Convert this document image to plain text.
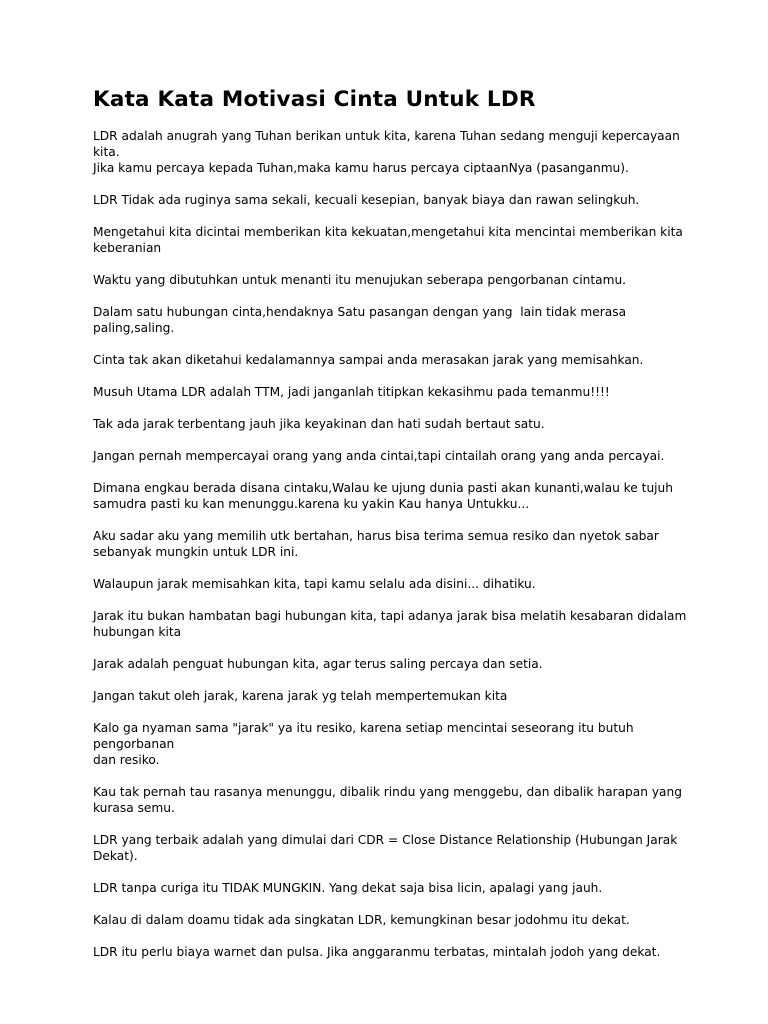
Kata Kata Motivasi Cinta Untuk LDR

LDR adalah anugrah yang Tuhan berikan untuk kita, karena Tuhan sedang menguji kepercayaan kita.
Jika kamu percaya kepada Tuhan,maka kamu harus percaya ciptaanNya (pasanganmu).

LDR Tidak ada ruginya sama sekali, kecuali kesepian, banyak biaya dan rawan selingkuh.

Mengetahui kita dicintai memberikan kita kekuatan,mengetahui kita mencintai memberikan kita
keberanian

Waktu yang dibutuhkan untuk menanti itu menujukan seberapa pengorbanan cintamu.

Dalam satu hubungan cinta,hendaknya Satu pasangan dengan yang  lain tidak merasa paling,saling.

Cinta tak akan diketahui kedalamannya sampai anda merasakan jarak yang memisahkan.

Musuh Utama LDR adalah TTM, jadi janganlah titipkan kekasihmu pada temanmu!!!!

Tak ada jarak terbentang jauh jika keyakinan dan hati sudah bertaut satu.

Jangan pernah mempercayai orang yang anda cintai,tapi cintailah orang yang anda percayai.

Dimana engkau berada disana cintaku,Walau ke ujung dunia pasti akan kunanti,walau ke tujuh
samudra pasti ku kan menunggu.karena ku yakin Kau hanya Untukku...

Aku sadar aku yang memilih utk bertahan, harus bisa terima semua resiko dan nyetok sabar
sebanyak mungkin untuk LDR ini.

Walaupun jarak memisahkan kita, tapi kamu selalu ada disini... dihatiku.

Jarak itu bukan hambatan bagi hubungan kita, tapi adanya jarak bisa melatih kesabaran didalam
hubungan kita

Jarak adalah penguat hubungan kita, agar terus saling percaya dan setia.

Jangan takut oleh jarak, karena jarak yg telah mempertemukan kita

Kalo ga nyaman sama "jarak" ya itu resiko, karena setiap mencintai seseorang itu butuh pengorbanan
dan resiko.

Kau tak pernah tau rasanya menunggu, dibalik rindu yang menggebu, dan dibalik harapan yang
kurasa semu.

LDR yang terbaik adalah yang dimulai dari CDR = Close Distance Relationship (Hubungan Jarak
Dekat).

LDR tanpa curiga itu TIDAK MUNGKIN. Yang dekat saja bisa licin, apalagi yang jauh.

Kalau di dalam doamu tidak ada singkatan LDR, kemungkinan besar jodohmu itu dekat.

LDR itu perlu biaya warnet dan pulsa. Jika anggaranmu terbatas, mintalah jodoh yang dekat.
